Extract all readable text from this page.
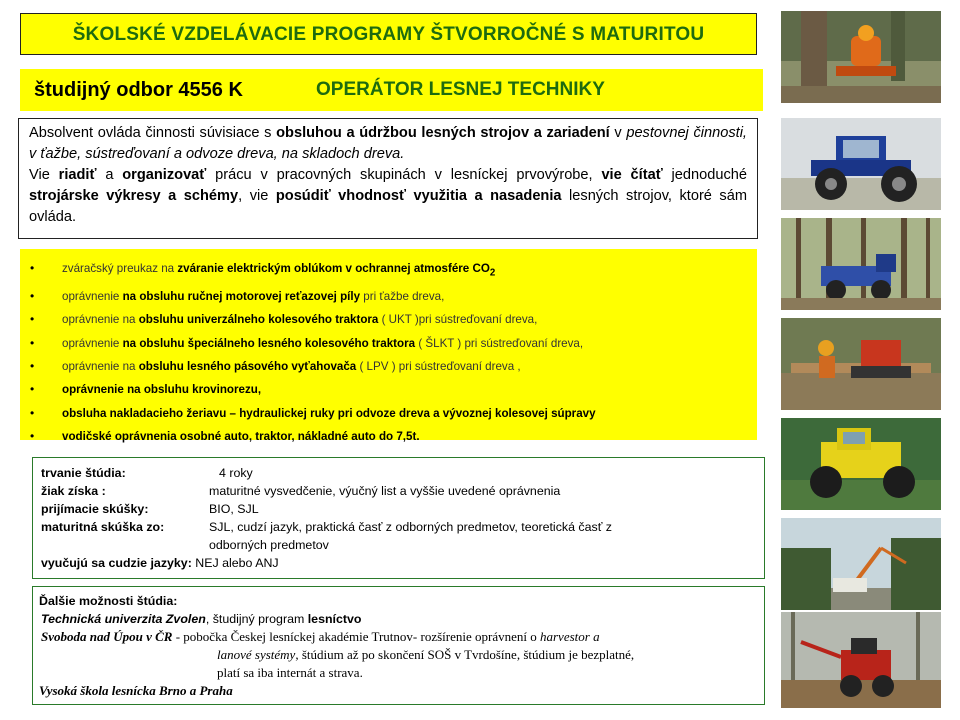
ŠKOLSKÉ VZDELÁVACIE PROGRAMY ŠTVORROČNÉ S MATURITOU
študijný odbor 4556 K	OPERÁTOR LESNEJ TECHNIKY

Absolvent ovláda činnosti súvisiace s obsluhou a údržbou lesných strojov a zariadení v pestovnej činnosti, v ťažbe, sústreďovaní a odvoze dreva, na skladoch dreva.

Vie riadiť a organizovať prácu v pracovných skupinách v lesníckej prvovýrobe, vie čítať jednoduché strojárske výkresy a schémy, vie posúdiť vhodnosť využitia a nasadenia lesných strojov, ktoré sám ovláda.

• zváračský preukaz na zváranie elektrickým oblúkom v ochrannej atmosfére $CO_2$
• oprávnenie na obsluhu ručnej motorovej reťazovej píly pri ťažbe dreva,
• oprávnenie na obsluhu univerzálneho kolesového traktora ( UKT )pri sústreďovaní dreva,
• oprávnenie na obsluhu špeciálneho lesného kolesového traktora ( ŠLKT ) pri sústreďovaní dreva,
• oprávnenie na obsluhu lesného pásového vyťahovača ( LPV ) pri sústreďovaní dreva ,
• oprávnenie na obsluhu krovinorezu,
• obsluha nakladacieho žeriavu – hydraulickej ruky pri odvoze dreva a vývoznej kolesovej súpravy
• vodičské oprávnenia osobné auto, traktor, nákladné auto do 7,5t.
trvanie štúdia:	4 roky
žiak získa :	maturitné vysvedčenie, výučný list a vyššie uvedené oprávnenia
prijímacie skúšky:	BIO, SJL
maturitná skúška zo:	SJL, cudzí jazyk, praktická časť z odborných predmetov, teoretická časť z
odborných predmetov
vyučujú sa cudzie jazyky: NEJ alebo ANJ
Ďalšie možnosti štúdia:
Technická univerzita Zvolen, študijný program lesníctvo
Svoboda nad Úpou v ČR - pobočka Českej lesníckej akadémie Trutnov- rozšírenie oprávnení o harvestor a
lanové systémy, štúdium až po skončení SOŠ v Tvrdošíne, štúdium je bezplatné,
platí sa iba internát a strava.
Vysoká škola lesnícka Brno a Praha
